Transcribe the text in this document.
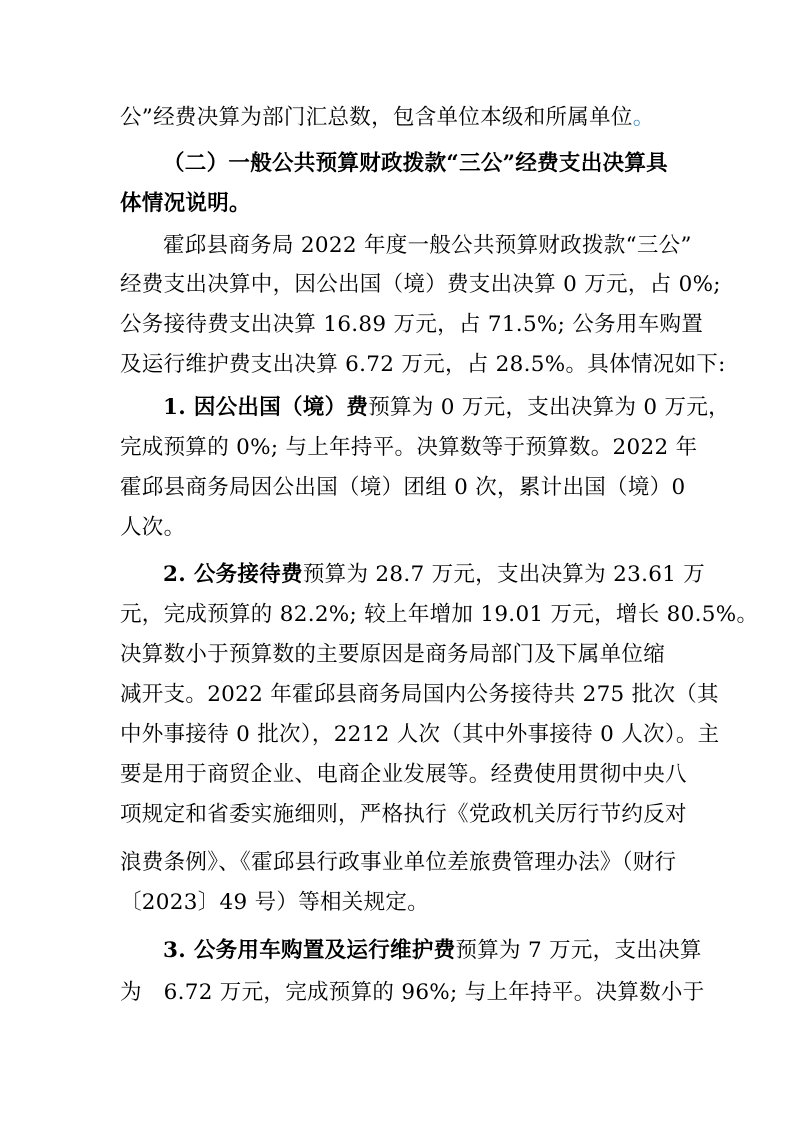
公”经费决算为部门汇总数，包含单位本级和所属单位。
（二）一般公共预算财政拨款“三公”经费支出决算具
体情况说明。
霍邱县商务局 2022 年度一般公共预算财政拨款“三公”
经费支出决算中，因公出国（境）费支出决算 0 万元，占 0%;
公务接待费支出决算 16.89 万元，占 71.5%; 公务用车购置
及运行维护费支出决算 6.72 万元，占 28.5%。具体情况如下:
1. 因公出国（境）费预算为 0 万元，支出决算为 0 万元，
完成预算的 0%; 与上年持平。决算数等于预算数。2022 年
霍邱县商务局因公出国（境）团组 0 次，累计出国（境）0
人次。
2. 公务接待费预算为 28.7 万元，支出决算为 23.61 万
元，完成预算的 82.2%; 较上年增加 19.01 万元，增长 80.5%。
决算数小于预算数的主要原因是商务局部门及下属单位缩
减开支。2022 年霍邱县商务局国内公务接待共 275 批次（其
中外事接待 0 批次），2212 人次（其中外事接待 0 人次）。主
要是用于商贸企业、电商企业发展等。经费使用贯彻中央八
项规定和省委实施细则，严格执行《党政机关厉行节约反对
浪费条例》、《霍邱县行政事业单位差旅费管理办法》（财行
〔2023〕49 号）等相关规定。
3. 公务用车购置及运行维护费预算为 7 万元，支出决算
为　6.72 万元，完成预算的 96%; 与上年持平。决算数小于
